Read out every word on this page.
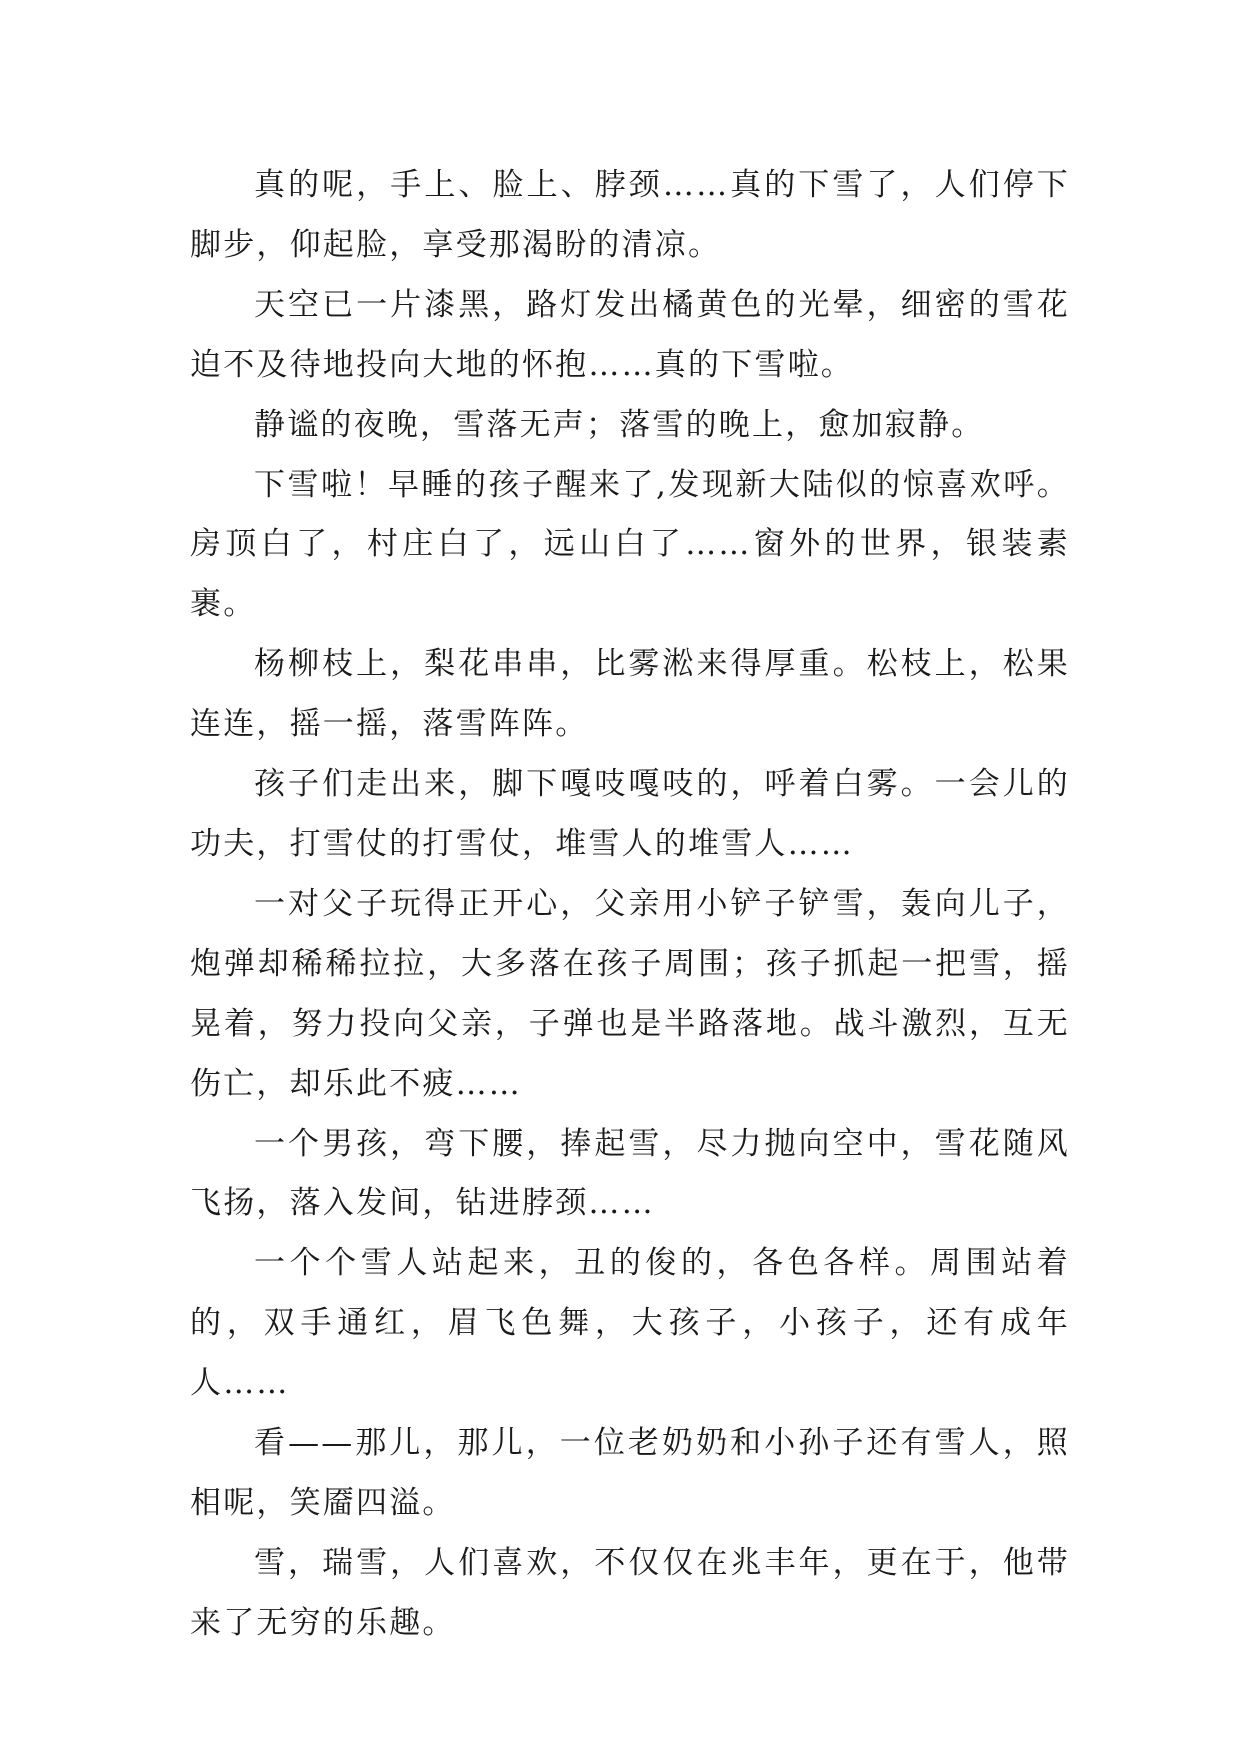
真的呢，手上、脸上、脖颈……真的下雪了，人们停下脚步，仰起脸，享受那渴盼的清凉。

天空已一片漆黑，路灯发出橘黄色的光晕，细密的雪花迫不及待地投向大地的怀抱……真的下雪啦。

静谧的夜晚，雪落无声；落雪的晚上，愈加寂静。

下雪啦！早睡的孩子醒来了,发现新大陆似的惊喜欢呼。房顶白了，村庄白了，远山白了……窗外的世界，银装素裹。

杨柳枝上，梨花串串，比雾淞来得厚重。松枝上，松果连连，摇一摇，落雪阵阵。

孩子们走出来，脚下嘎吱嘎吱的，呼着白雾。一会儿的功夫，打雪仗的打雪仗，堆雪人的堆雪人……

一对父子玩得正开心，父亲用小铲子铲雪，轰向儿子，炮弹却稀稀拉拉，大多落在孩子周围；孩子抓起一把雪，摇晃着，努力投向父亲，子弹也是半路落地。战斗激烈，互无伤亡，却乐此不疲……

一个男孩，弯下腰，捧起雪，尽力抛向空中，雪花随风飞扬，落入发间，钻进脖颈……

一个个雪人站起来，丑的俊的，各色各样。周围站着的，双手通红，眉飞色舞，大孩子，小孩子，还有成年人……

看——那儿，那儿，一位老奶奶和小孙子还有雪人，照相呢，笑靥四溢。

雪，瑞雪，人们喜欢，不仅仅在兆丰年，更在于，他带来了无穷的乐趣。
